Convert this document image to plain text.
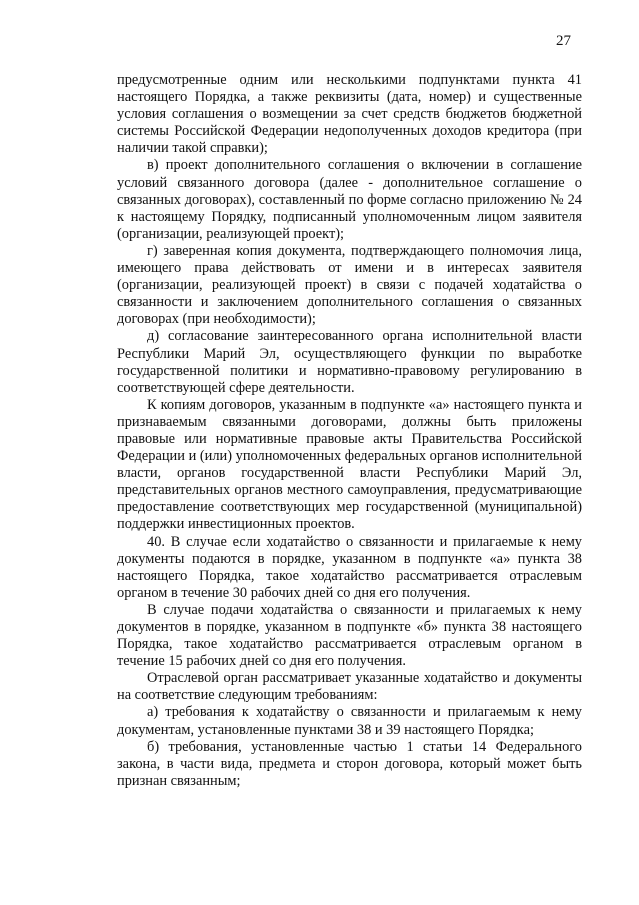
27

предусмотренные одним или несколькими подпунктами пункта 41 настоящего Порядка, а также реквизиты (дата, номер) и существенные условия соглашения о возмещении за счет средств бюджетов бюджетной системы Российской Федерации недополученных доходов кредитора (при наличии такой справки);

в) проект дополнительного соглашения о включении в соглашение условий связанного договора (далее - дополнительное соглашение о связанных договорах), составленный по форме согласно приложению № 24 к настоящему Порядку, подписанный уполномоченным лицом заявителя (организации, реализующей проект);

г) заверенная копия документа, подтверждающего полномочия лица, имеющего права действовать от имени и в интересах заявителя (организации, реализующей проект) в связи с подачей ходатайства о связанности и заключением дополнительного соглашения о связанных договорах (при необходимости);

д) согласование заинтересованного органа исполнительной власти Республики Марий Эл, осуществляющего функции по выработке государственной политики и нормативно-правовому регулированию в соответствующей сфере деятельности.

К копиям договоров, указанным в подпункте «а» настоящего пункта и признаваемым связанными договорами, должны быть приложены правовые или нормативные правовые акты Правительства Российской Федерации и (или) уполномоченных федеральных органов исполнительной власти, органов государственной власти Республики Марий Эл, представительных органов местного самоуправления, предусматривающие предоставление соответствующих мер государственной (муниципальной) поддержки инвестиционных проектов.

40. В случае если ходатайство о связанности и прилагаемые к нему документы подаются в порядке, указанном в подпункте «а» пункта 38 настоящего Порядка, такое ходатайство рассматривается отраслевым органом в течение 30 рабочих дней со дня его получения.

В случае подачи ходатайства о связанности и прилагаемых к нему документов в порядке, указанном в подпункте «б» пункта 38 настоящего Порядка, такое ходатайство рассматривается отраслевым органом в течение 15 рабочих дней со дня его получения.

Отраслевой орган рассматривает указанные ходатайство и документы на соответствие следующим требованиям:

а) требования к ходатайству о связанности и прилагаемым к нему документам, установленные пунктами 38 и 39 настоящего Порядка;

б) требования, установленные частью 1 статьи 14 Федерального закона, в части вида, предмета и сторон договора, который может быть признан связанным;
